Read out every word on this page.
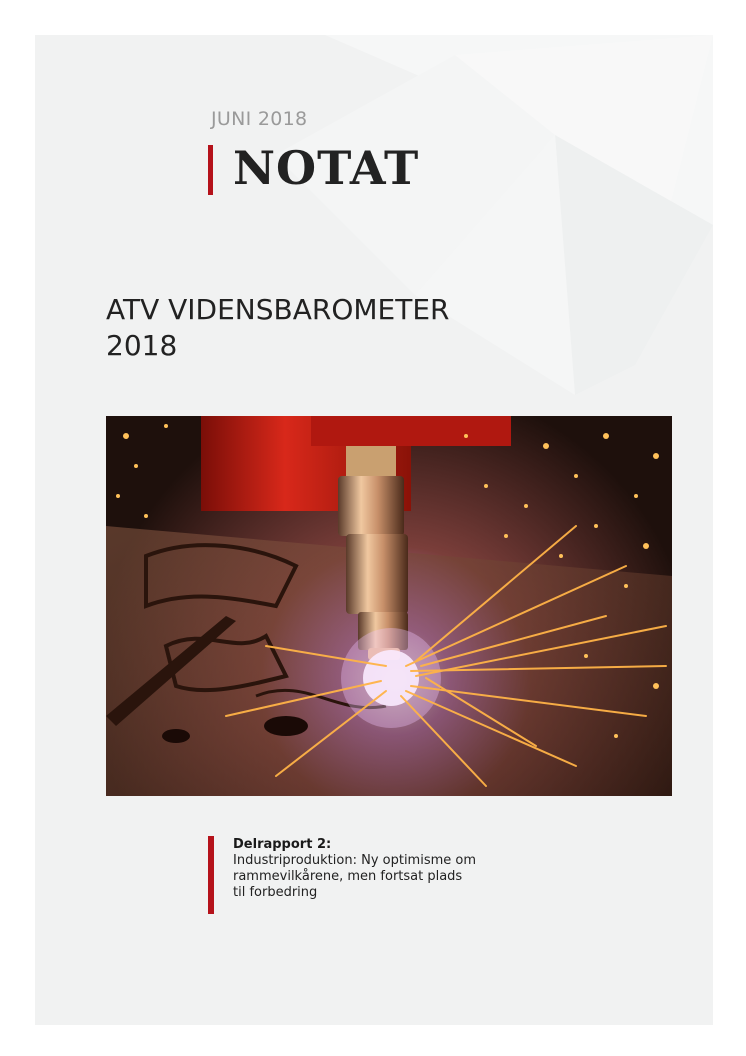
JUNI 2018
NOTAT
ATV VIDENSBAROMETER
2018
Delrapport 2:
Industriproduktion: Ny optimisme om
rammevilkårene, men fortsat plads
til forbedring
